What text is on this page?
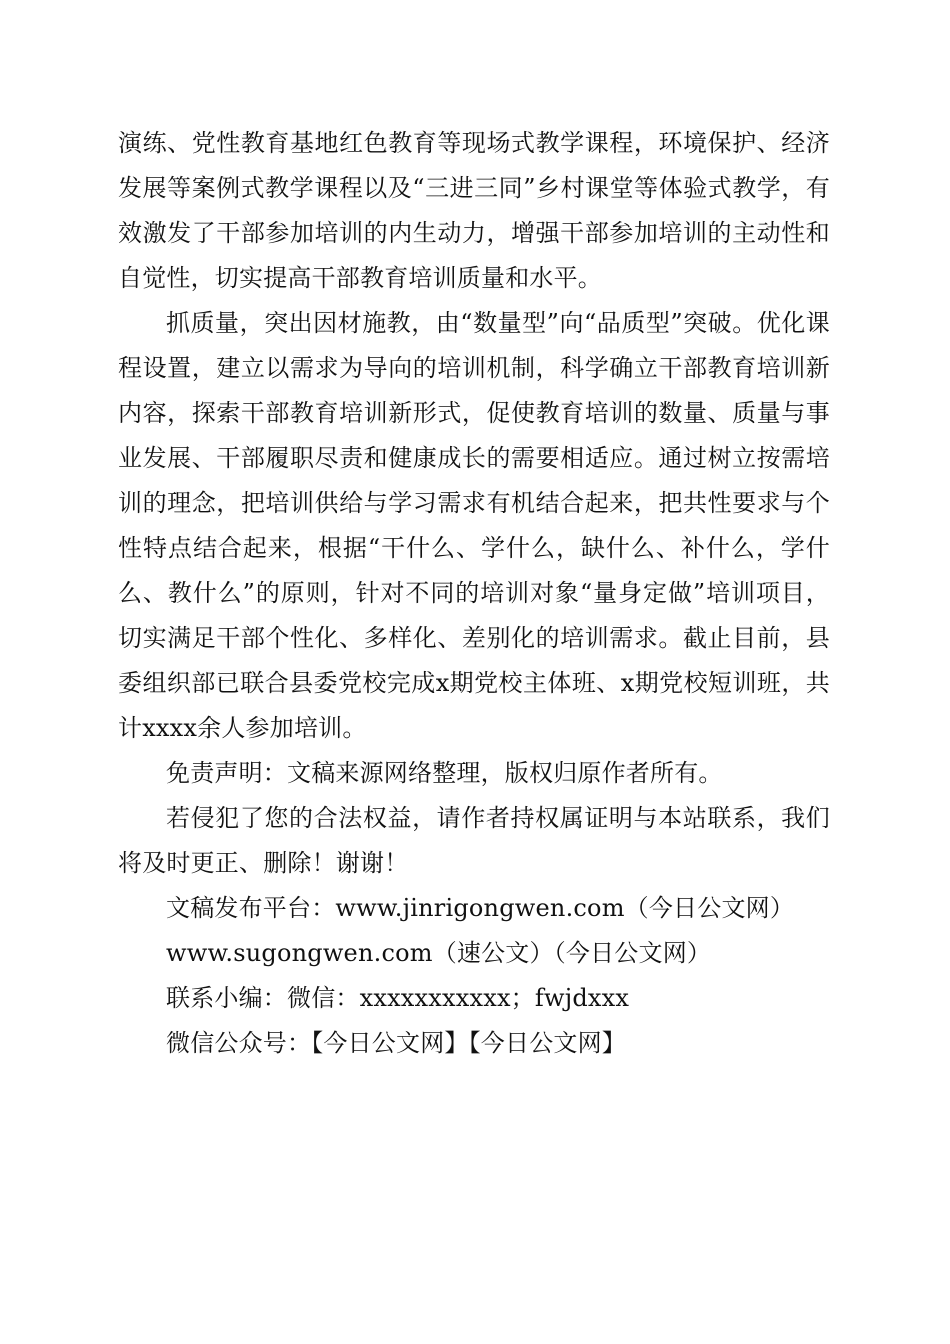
演练、党性教育基地红色教育等现场式教学课程，环境保护、经济发展等案例式教学课程以及“三进三同”乡村课堂等体验式教学，有效激发了干部参加培训的内生动力，增强干部参加培训的主动性和自觉性，切实提高干部教育培训质量和水平。

抓质量，突出因材施教，由“数量型”向“品质型”突破。优化课程设置，建立以需求为导向的培训机制，科学确立干部教育培训新内容，探索干部教育培训新形式，促使教育培训的数量、质量与事业发展、干部履职尽责和健康成长的需要相适应。通过树立按需培训的理念，把培训供给与学习需求有机结合起来，把共性要求与个性特点结合起来，根据“干什么、学什么，缺什么、补什么，学什么、教什么”的原则，针对不同的培训对象“量身定做”培训项目，切实满足干部个性化、多样化、差别化的培训需求。截止目前，县委组织部已联合县委党校完成x期党校主体班、x期党校短训班，共计xxxx余人参加培训。

免责声明：文稿来源网络整理，版权归原作者所有。

若侵犯了您的合法权益，请作者持权属证明与本站联系，我们将及时更正、删除！谢谢！

文稿发布平台：www.jinrigongwen.com（今日公文网）

www.sugongwen.com（速公文）（今日公文网）

联系小编：微信：xxxxxxxxxxx；fwjdxxx

微信公众号：【今日公文网】【今日公文网】
